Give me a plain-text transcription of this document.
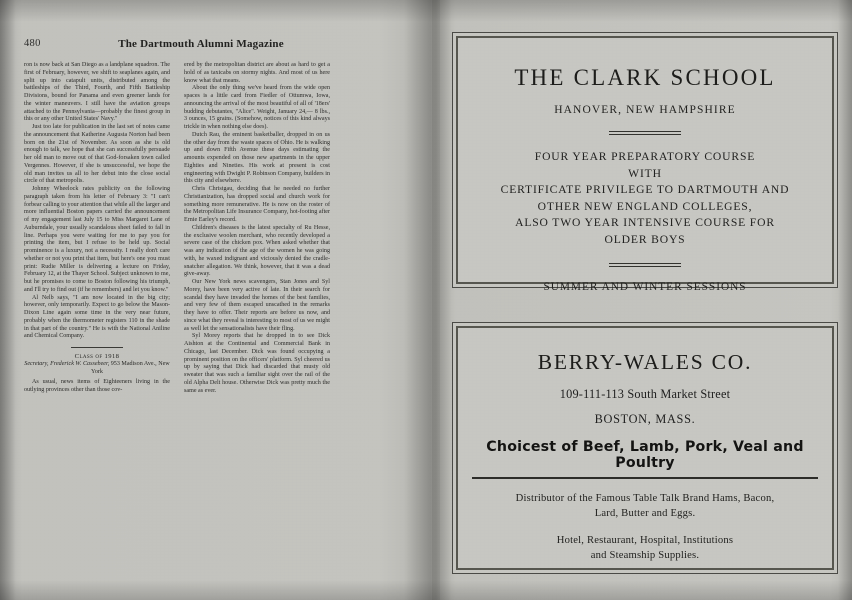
480	The Dartmouth Alumni Magazine

ron is now back at San Diego as a landplane squadron. The first of February, however, we shift to seaplanes again, and split up into catapult units, distributed among the battleships of the Third, Fourth, and Fifth Battleship Divisions, bound for Panama and even greener lands for the winter maneuvers. I still have the aviation groups attached to the Pennsylvania—probably the finest group in this or any other United States' Navy."

Just too late for publication in the last set of notes came the announcement that Katherine Augusta Norton had been born on the 21st of November. As soon as she is old enough to talk, we hope that she can successfully persuade her old man to move out of that God-forsaken town called Vergennes. However, if she is unsuccessful, we hope the old man invites us all to her debut into the close social circle of that metropolis.

Johnny Wheelock rates publicity on the following paragraph taken from his letter of February 3: "I can't forbear calling to your attention that while all the larger and more influential Boston papers carried the announcement of my engagement last July 15 to Miss Margaret Lane of Auburndale, your usually scandalous sheet failed to fall in line. Perhaps you were waiting for me to pay you for printing the item, but I refuse to be held up. Social prominence is a luxury, not a necessity. I really don't care whether or not you print that item, but here's one you must print: Rudie Miller is delivering a lecture on Friday, February 12, at the Thayer School. Subject unknown to me, but he promises to come to Boston following his triumph, and I'll try to find out (if he remembers) and let you know."

Al Nelb says, "I am now located in the big city; however, only temporarily. Expect to go below the Mason-Dixon Line again some time in the very near future, probably when the thermometer registers 110 in the shade in that part of the country." He is with the National Aniline and Chemical Company.

Class of 1918
Secretary, Frederick W. Cassebeer, 953 Madison Ave., New York

As usual, news items of Eighteeners living in the outlying provinces other than those cov-

ered by the metropolitan district are about as hard to get a hold of as taxicabs on stormy nights. And most of us here know what that means.

About the only thing we've heard from the wide open spaces is a little card from Fiedler of Ottumwa, Iowa, announcing the arrival of the most beautiful of all of '18ers' budding debutantes, "Alice". Weight, January 24,— 8 lbs., 3 ounces, 15 grains. (Somehow, notices of this kind always trickle in when nothing else does).

Dutch Rau, the eminent basketballer, dropped in on us the other day from the waste spaces of Ohio. He is walking up and down Fifth Avenue these days estimating the amounts expended on those new apartments in the upper Eighties and Nineties. His work at present is cost engineering with Dwight P. Robinson Company, builders in this city and elsewhere.

Chris Christgau, deciding that he needed no further Christianization, has dropped social and church work for something more remunerative. He is now on the roster of the Metropolitan Life Insurance Company, hot-footing after Ernie Earley's record.

Children's diseases is the latest specialty of Ru Hesse, the exclusive woolen merchant, who recently developed a severe case of the chicken pox. When asked whether that was any indication of the age of the women he was going with, he waxed indignant and viciously denied the cradle-snatcher allegation. We think, however, that it was a dead give-away.

Our New York news scavengers, Stan Jones and Syl Morey, have been very active of late. In their search for scandal they have invaded the homes of the best families, and very few of them escaped unscathed in the remarks they have to offer. Their reports are before us now, and since what they reveal is interesting to most of us we might as well let the sensationalists have their fling.

Syl Morey reports that he dropped in to see Dick Aishton at the Continental and Commercial Bank in Chicago, last December. Dick was found occupying a prominent position on the officers' platform. Syl cheered us up by saying that Dick had discarded that musty old sweater that was such a familiar sight over the rail of the old Alpha Delt house. Otherwise Dick was pretty much the same as ever.

THE CLARK SCHOOL
HANOVER, NEW HAMPSHIRE
FOUR YEAR PREPARATORY COURSE
WITH
CERTIFICATE PRIVILEGE TO DARTMOUTH AND
OTHER NEW ENGLAND COLLEGES,
ALSO TWO YEAR INTENSIVE COURSE FOR
OLDER BOYS
SUMMER AND WINTER SESSIONS
BERRY-WALES CO.
109-111-113 South Market Street
BOSTON, MASS.
Choicest of Beef, Lamb, Pork, Veal and Poultry
Distributor of the Famous Table Talk Brand Hams, Bacon,
Lard, Butter and Eggs.
Hotel, Restaurant, Hospital, Institutions
and Steamship Supplies.
